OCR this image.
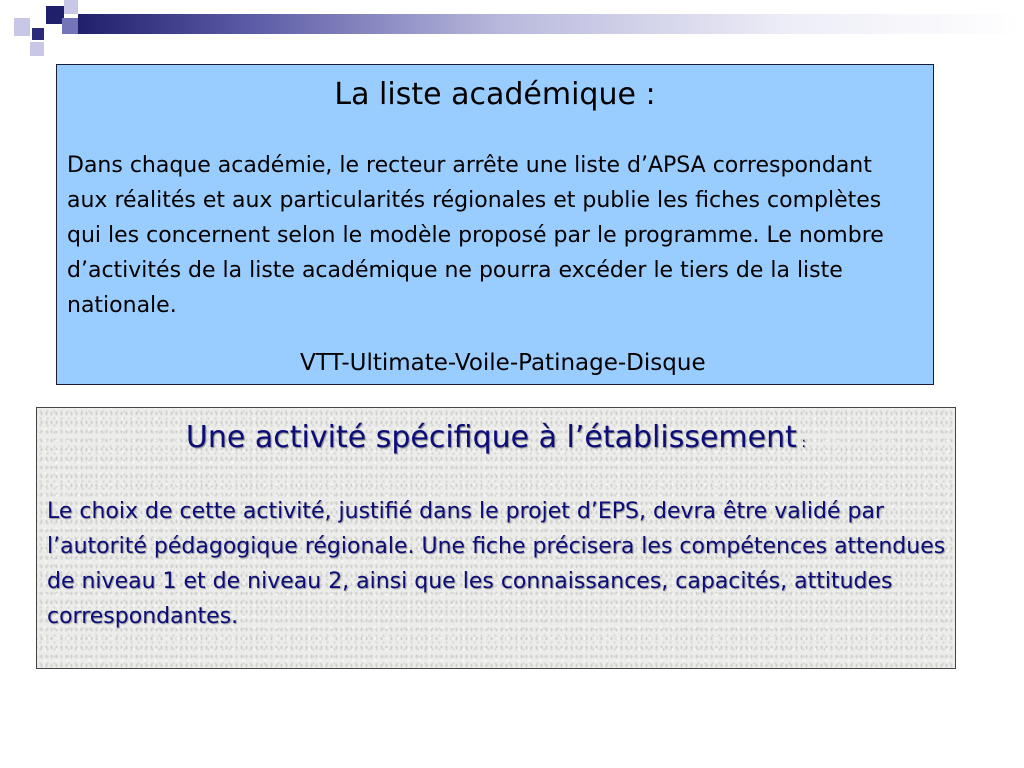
La liste académique :

Dans chaque académie, le recteur arrête une liste d’APSA correspondant aux réalités et aux particularités régionales et publie les fiches complètes qui les concernent selon le modèle proposé par le programme. Le nombre d’activités de la liste académique ne pourra excéder le tiers de la liste nationale.

VTT-Ultimate-Voile-Patinage-Disque

Une activité spécifique à l’établissement :

Le choix de cette activité, justifié dans le projet d’EPS, devra être validé par l’autorité pédagogique régionale. Une fiche précisera les compétences attendues de niveau 1 et de niveau 2, ainsi que les connaissances, capacités, attitudes correspondantes.
